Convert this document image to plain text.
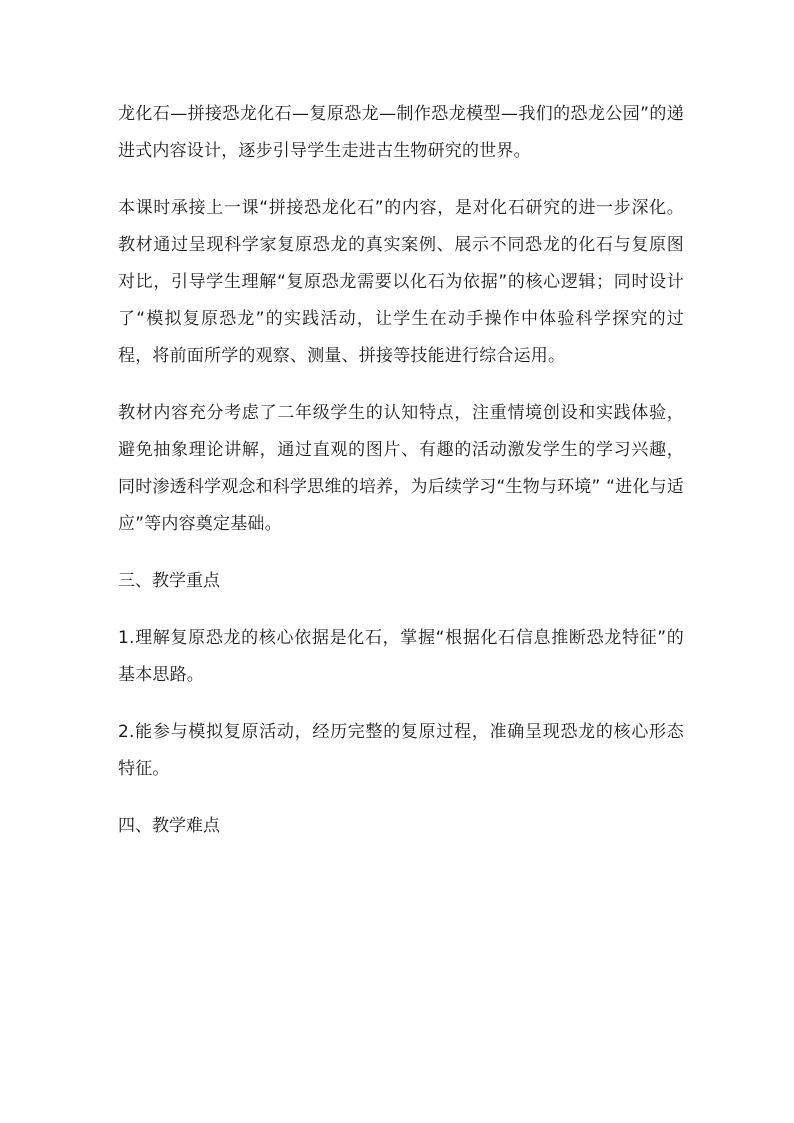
龙化石—拼接恐龙化石—复原恐龙—制作恐龙模型—我们的恐龙公园”的递进式内容设计，逐步引导学生走进古生物研究的世界。

本课时承接上一课“拼接恐龙化石”的内容，是对化石研究的进一步深化。教材通过呈现科学家复原恐龙的真实案例、展示不同恐龙的化石与复原图对比，引导学生理解“复原恐龙需要以化石为依据”的核心逻辑；同时设计了“模拟复原恐龙”的实践活动，让学生在动手操作中体验科学探究的过程，将前面所学的观察、测量、拼接等技能进行综合运用。

教材内容充分考虑了二年级学生的认知特点，注重情境创设和实践体验，避免抽象理论讲解，通过直观的图片、有趣的活动激发学生的学习兴趣，同时渗透科学观念和科学思维的培养，为后续学习“生物与环境” “进化与适应”等内容奠定基础。

三、教学重点

1.理解复原恐龙的核心依据是化石，掌握“根据化石信息推断恐龙特征”的基本思路。

2.能参与模拟复原活动，经历完整的复原过程，准确呈现恐龙的核心形态特征。

四、教学难点
